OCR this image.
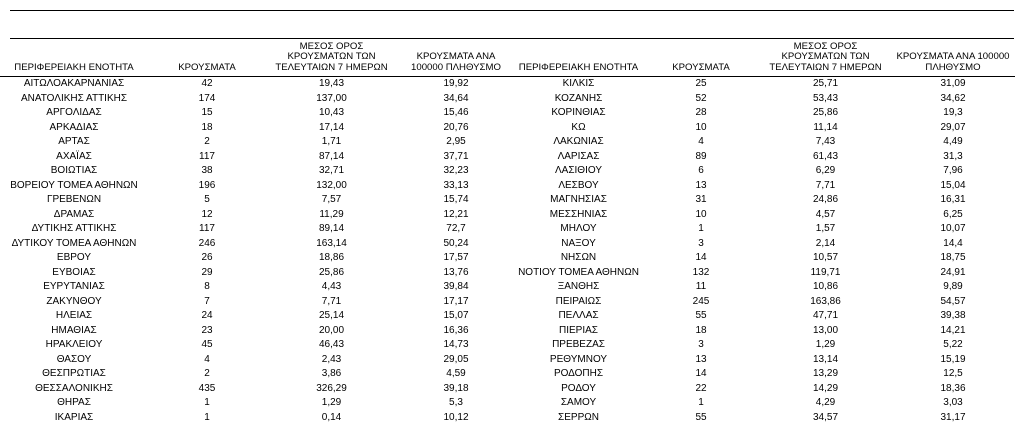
ΠΕΡΙΦΕΡΕΙΑΚΗ ΕΝΟΤΗΤΑ	ΚΡΟΥΣΜΑΤΑ	ΜΕΣΟΣ ΟΡΟΣ ΚΡΟΥΣΜΑΤΩΝ ΤΩΝ ΤΕΛΕΥΤΑΙΩΝ 7 ΗΜΕΡΩΝ	ΚΡΟΥΣΜΑΤΑ ΑΝΑ 100000 ΠΛΗΘΥΣΜΟ	ΠΕΡΙΦΕΡΕΙΑΚΗ ΕΝΟΤΗΤΑ	ΚΡΟΥΣΜΑΤΑ	ΜΕΣΟΣ ΟΡΟΣ ΚΡΟΥΣΜΑΤΩΝ ΤΩΝ ΤΕΛΕΥΤΑΙΩΝ 7 ΗΜΕΡΩΝ	ΚΡΟΥΣΜΑΤΑ ΑΝΑ 100000 ΠΛΗΘΥΣΜΟ
ΑΙΤΩΛΟΑΚΑΡΝΑΝΙΑΣ	42	19,43	19,92	ΚΙΛΚΙΣ	25	25,71	31,09
ΑΝΑΤΟΛΙΚΗΣ ΑΤΤΙΚΗΣ	174	137,00	34,64	ΚΟΖΑΝΗΣ	52	53,43	34,62
ΑΡΓΟΛΙΔΑΣ	15	10,43	15,46	ΚΟΡΙΝΘΙΑΣ	28	25,86	19,3
ΑΡΚΑΔΙΑΣ	18	17,14	20,76	ΚΩ	10	11,14	29,07
ΑΡΤΑΣ	2	1,71	2,95	ΛΑΚΩΝΙΑΣ	4	7,43	4,49
ΑΧΑΪΑΣ	117	87,14	37,71	ΛΑΡΙΣΑΣ	89	61,43	31,3
ΒΟΙΩΤΙΑΣ	38	32,71	32,23	ΛΑΣΙΘΙΟΥ	6	6,29	7,96
ΒΟΡΕΙΟΥ ΤΟΜΕΑ ΑΘΗΝΩΝ	196	132,00	33,13	ΛΕΣΒΟΥ	13	7,71	15,04
ΓΡΕΒΕΝΩΝ	5	7,57	15,74	ΜΑΓΝΗΣΙΑΣ	31	24,86	16,31
ΔΡΑΜΑΣ	12	11,29	12,21	ΜΕΣΣΗΝΙΑΣ	10	4,57	6,25
ΔΥΤΙΚΗΣ ΑΤΤΙΚΗΣ	117	89,14	72,7	ΜΗΛΟΥ	1	1,57	10,07
ΔΥΤΙΚΟΥ ΤΟΜΕΑ ΑΘΗΝΩΝ	246	163,14	50,24	ΝΑΞΟΥ	3	2,14	14,4
ΕΒΡΟΥ	26	18,86	17,57	ΝΗΣΩΝ	14	10,57	18,75
ΕΥΒΟΙΑΣ	29	25,86	13,76	ΝΟΤΙΟΥ ΤΟΜΕΑ ΑΘΗΝΩΝ	132	119,71	24,91
ΕΥΡΥΤΑΝΙΑΣ	8	4,43	39,84	ΞΑΝΘΗΣ	11	10,86	9,89
ΖΑΚΥΝΘΟΥ	7	7,71	17,17	ΠΕΙΡΑΙΩΣ	245	163,86	54,57
ΗΛΕΙΑΣ	24	25,14	15,07	ΠΕΛΛΑΣ	55	47,71	39,38
ΗΜΑΘΙΑΣ	23	20,00	16,36	ΠΙΕΡΙΑΣ	18	13,00	14,21
ΗΡΑΚΛΕΙΟΥ	45	46,43	14,73	ΠΡΕΒΕΖΑΣ	3	1,29	5,22
ΘΑΣΟΥ	4	2,43	29,05	ΡΕΘΥΜΝΟΥ	13	13,14	15,19
ΘΕΣΠΡΩΤΙΑΣ	2	3,86	4,59	ΡΟΔΟΠΗΣ	14	13,29	12,5
ΘΕΣΣΑΛΟΝΙΚΗΣ	435	326,29	39,18	ΡΟΔΟΥ	22	14,29	18,36
ΘΗΡΑΣ	1	1,29	5,3	ΣΑΜΟΥ	1	4,29	3,03
ΙΚΑΡΙΑΣ	1	0,14	10,12	ΣΕΡΡΩΝ	55	34,57	31,17
